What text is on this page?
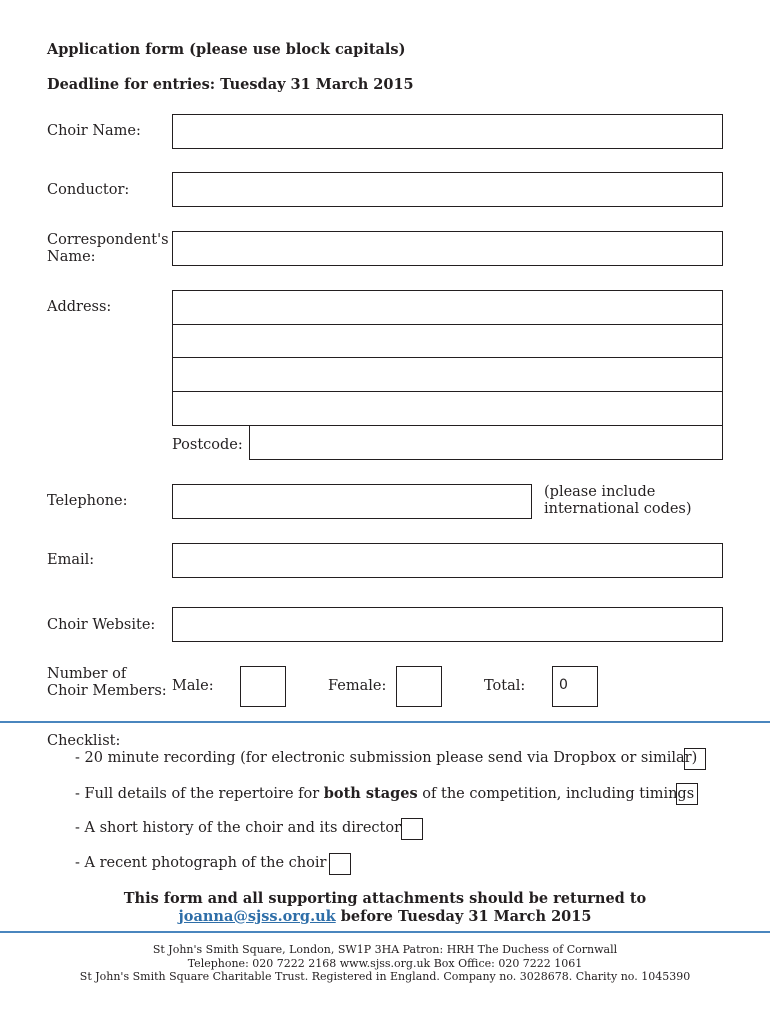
Application form (please use block capitals)
Deadline for entries: Tuesday 31 March 2015
Choir Name:
Conductor:
Correspondent's
Name:
Address:
Postcode:
Telephone:
(please include
international codes)
Email:
Choir Website:
Number of
Choir Members: Male:	Female:	Total: 0
Checklist:
- 20 minute recording (for electronic submission please send via Dropbox or similar)
- Full details of the repertoire for both stages of the competition, including timings
- A short history of the choir and its director
- A recent photograph of the choir
This form and all supporting attachments should be returned to
joanna@sjss.org.uk before Tuesday 31 March 2015
St John's Smith Square, London, SW1P 3HA Patron: HRH The Duchess of Cornwall
Telephone: 020 7222 2168 www.sjss.org.uk Box Office: 020 7222 1061
St John's Smith Square Charitable Trust. Registered in England. Company no. 3028678. Charity no. 1045390
